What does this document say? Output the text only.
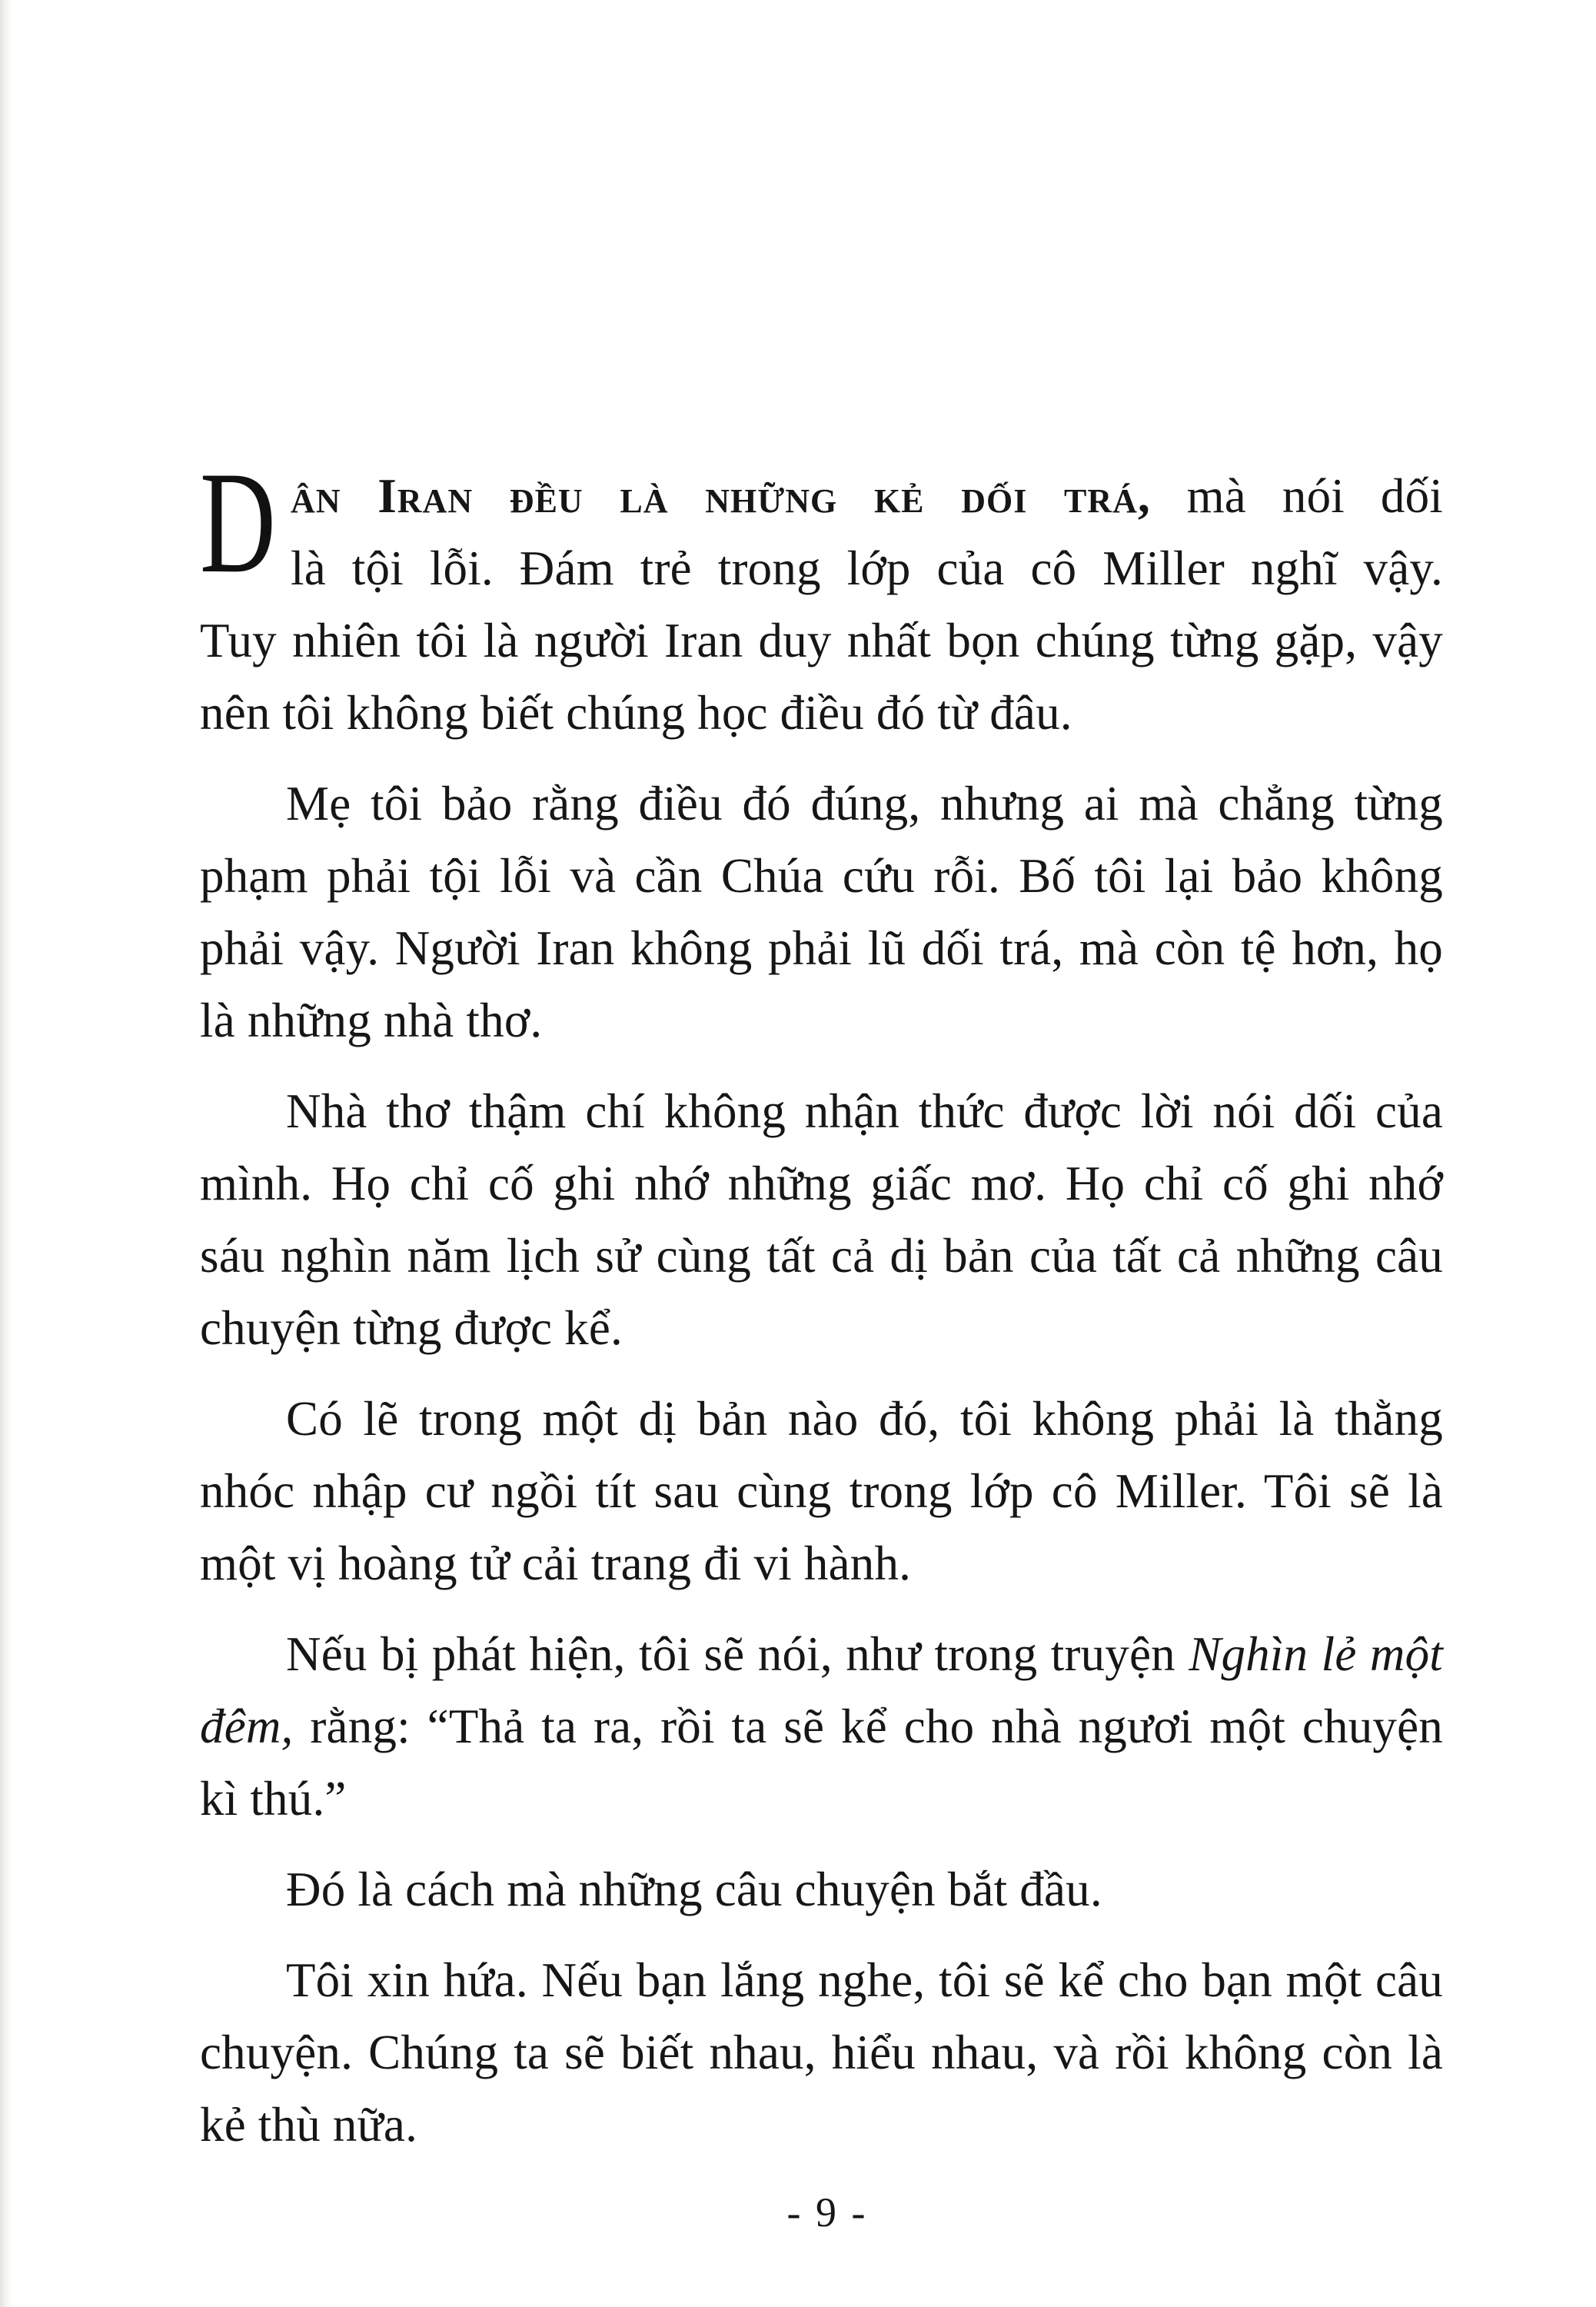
D ân Iran đều là những kẻ dối trá, mà nói dối
là tội lỗi. Đám trẻ trong lớp của cô Miller nghĩ vậy.
Tuy nhiên tôi là người Iran duy nhất bọn chúng từng gặp, vậy
nên tôi không biết chúng học điều đó từ đâu.
Mẹ tôi bảo rằng điều đó đúng, nhưng ai mà chẳng từng
phạm phải tội lỗi và cần Chúa cứu rỗi. Bố tôi lại bảo không
phải vậy. Người Iran không phải lũ dối trá, mà còn tệ hơn, họ
là những nhà thơ.
Nhà thơ thậm chí không nhận thức được lời nói dối của
mình. Họ chỉ cố ghi nhớ những giấc mơ. Họ chỉ cố ghi nhớ
sáu nghìn năm lịch sử cùng tất cả dị bản của tất cả những câu
chuyện từng được kể.
Có lẽ trong một dị bản nào đó, tôi không phải là thằng
nhóc nhập cư ngồi tít sau cùng trong lớp cô Miller. Tôi sẽ là
một vị hoàng tử cải trang đi vi hành.
Nếu bị phát hiện, tôi sẽ nói, như trong truyện Nghìn lẻ một
đêm, rằng: “Thả ta ra, rồi ta sẽ kể cho nhà ngươi một chuyện
kì thú.”
Đó là cách mà những câu chuyện bắt đầu.
Tôi xin hứa. Nếu bạn lắng nghe, tôi sẽ kể cho bạn một câu
chuyện. Chúng ta sẽ biết nhau, hiểu nhau, và rồi không còn là
kẻ thù nữa.
- 9 -
